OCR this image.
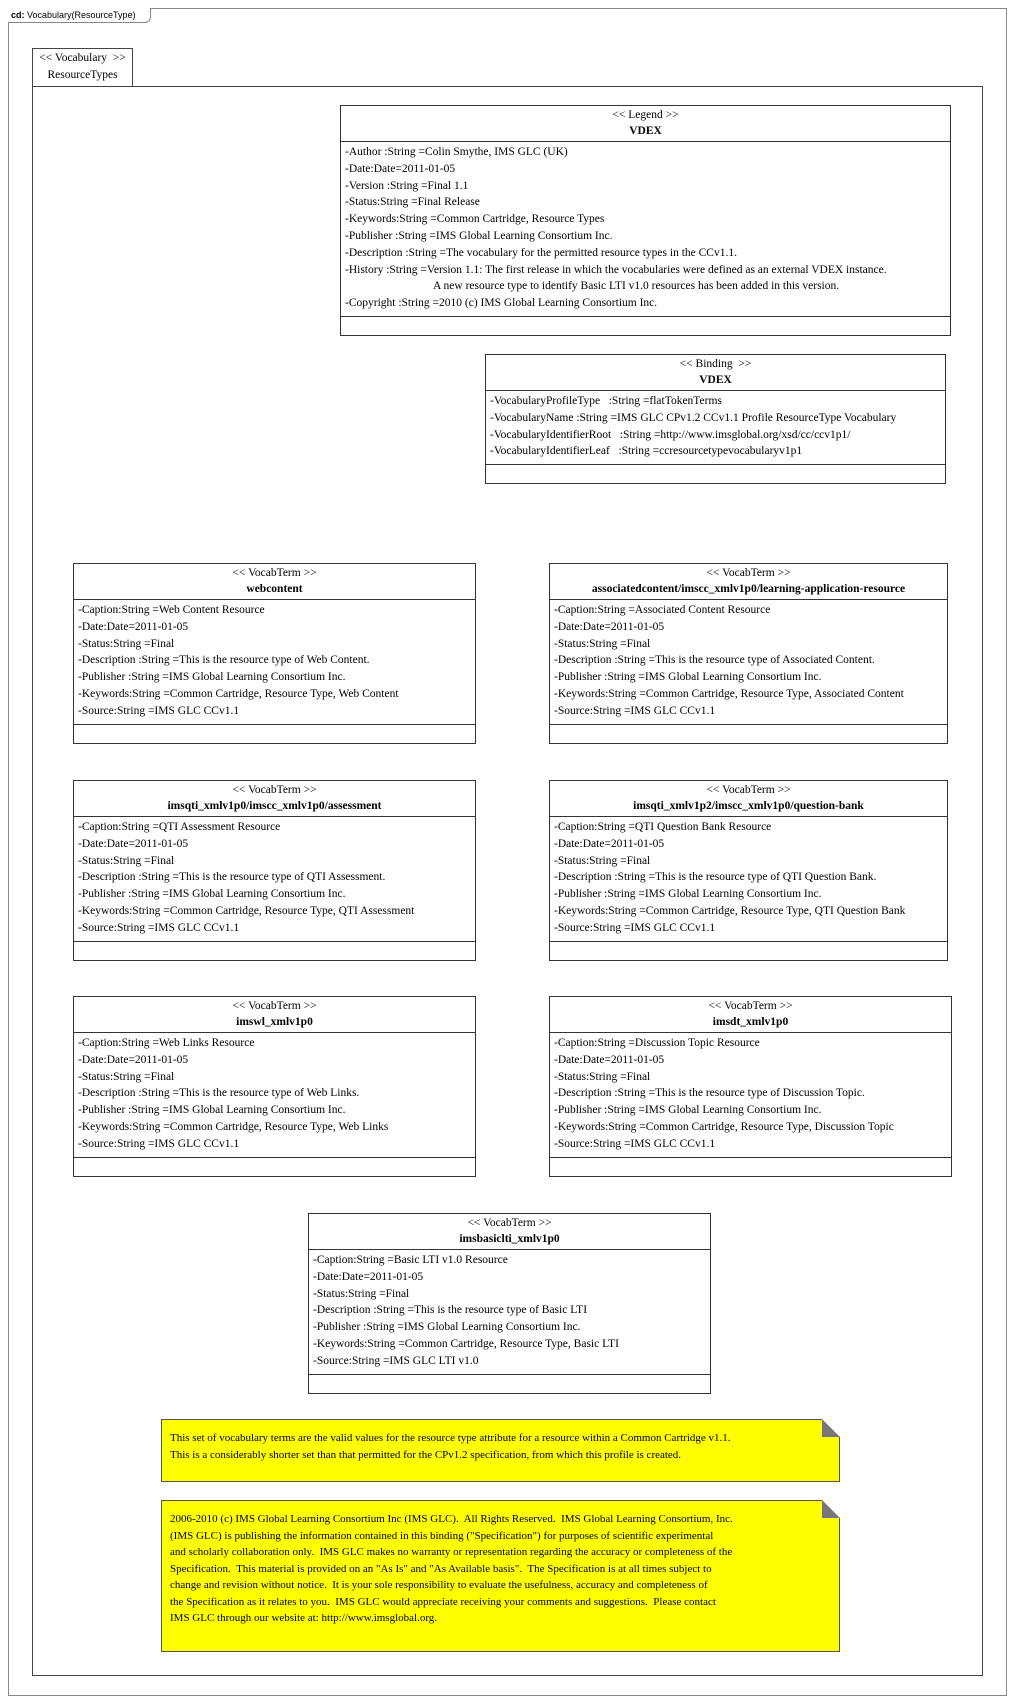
cd: Vocabulary(ResourceType)
<< Vocabulary  >>
ResourceTypes
<< Legend >>
VDEX
-Author :String =Colin Smythe, IMS GLC (UK)
-Date:Date=2011-01-05
-Version :String =Final 1.1
-Status:String =Final Release
-Keywords:String =Common Cartridge, Resource Types
-Publisher :String =IMS Global Learning Consortium Inc.
-Description :String =The vocabulary for the permitted resource types in the CCv1.1.
-History :String =Version 1.1: The first release in which the vocabularies were defined as an external VDEX instance.
A new resource type to identify Basic LTI v1.0 resources has been added in this version.
-Copyright :String =2010 (c) IMS Global Learning Consortium Inc.
<< Binding  >>
VDEX
-VocabularyProfileType   :String =flatTokenTerms
-VocabularyName :String =IMS GLC CPv1.2 CCv1.1 Profile ResourceType Vocabulary
-VocabularyIdentifierRoot   :String =http://www.imsglobal.org/xsd/cc/ccv1p1/
-VocabularyIdentifierLeaf   :String =ccresourcetypevocabularyv1p1
<< VocabTerm >>
webcontent
-Caption:String =Web Content Resource
-Date:Date=2011-01-05
-Status:String =Final
-Description :String =This is the resource type of Web Content.
-Publisher :String =IMS Global Learning Consortium Inc.
-Keywords:String =Common Cartridge, Resource Type, Web Content
-Source:String =IMS GLC CCv1.1
<< VocabTerm >>
associatedcontent/imscc_xmlv1p0/learning-application-resource
-Caption:String =Associated Content Resource
-Date:Date=2011-01-05
-Status:String =Final
-Description :String =This is the resource type of Associated Content.
-Publisher :String =IMS Global Learning Consortium Inc.
-Keywords:String =Common Cartridge, Resource Type, Associated Content
-Source:String =IMS GLC CCv1.1
<< VocabTerm >>
imsqti_xmlv1p0/imscc_xmlv1p0/assessment
-Caption:String =QTI Assessment Resource
-Date:Date=2011-01-05
-Status:String =Final
-Description :String =This is the resource type of QTI Assessment.
-Publisher :String =IMS Global Learning Consortium Inc.
-Keywords:String =Common Cartridge, Resource Type, QTI Assessment
-Source:String =IMS GLC CCv1.1
<< VocabTerm >>
imsqti_xmlv1p2/imscc_xmlv1p0/question-bank
-Caption:String =QTI Question Bank Resource
-Date:Date=2011-01-05
-Status:String =Final
-Description :String =This is the resource type of QTI Question Bank.
-Publisher :String =IMS Global Learning Consortium Inc.
-Keywords:String =Common Cartridge, Resource Type, QTI Question Bank
-Source:String =IMS GLC CCv1.1
<< VocabTerm >>
imswl_xmlv1p0
-Caption:String =Web Links Resource
-Date:Date=2011-01-05
-Status:String =Final
-Description :String =This is the resource type of Web Links.
-Publisher :String =IMS Global Learning Consortium Inc.
-Keywords:String =Common Cartridge, Resource Type, Web Links
-Source:String =IMS GLC CCv1.1
<< VocabTerm >>
imsdt_xmlv1p0
-Caption:String =Discussion Topic Resource
-Date:Date=2011-01-05
-Status:String =Final
-Description :String =This is the resource type of Discussion Topic.
-Publisher :String =IMS Global Learning Consortium Inc.
-Keywords:String =Common Cartridge, Resource Type, Discussion Topic
-Source:String =IMS GLC CCv1.1
<< VocabTerm >>
imsbasiclti_xmlv1p0
-Caption:String =Basic LTI v1.0 Resource
-Date:Date=2011-01-05
-Status:String =Final
-Description :String =This is the resource type of Basic LTI
-Publisher :String =IMS Global Learning Consortium Inc.
-Keywords:String =Common Cartridge, Resource Type, Basic LTI
-Source:String =IMS GLC LTI v1.0
This set of vocabulary terms are the valid values for the resource type attribute for a resource within a Common Cartridge v1.1.
This is a considerably shorter set than that permitted for the CPv1.2 specification, from which this profile is created.
2006-2010 (c) IMS Global Learning Consortium Inc (IMS GLC).  All Rights Reserved.  IMS Global Learning Consortium, Inc.
(IMS GLC) is publishing the information contained in this binding ("Specification") for purposes of scientific experimental
and scholarly collaboration only.  IMS GLC makes no warranty or representation regarding the accuracy or completeness of the
Specification.  This material is provided on an "As Is" and "As Available basis".  The Specification is at all times subject to
change and revision without notice.  It is your sole responsibility to evaluate the usefulness, accuracy and completeness of
the Specification as it relates to you.  IMS GLC would appreciate receiving your comments and suggestions.  Please contact
IMS GLC through our website at: http://www.imsglobal.org.
